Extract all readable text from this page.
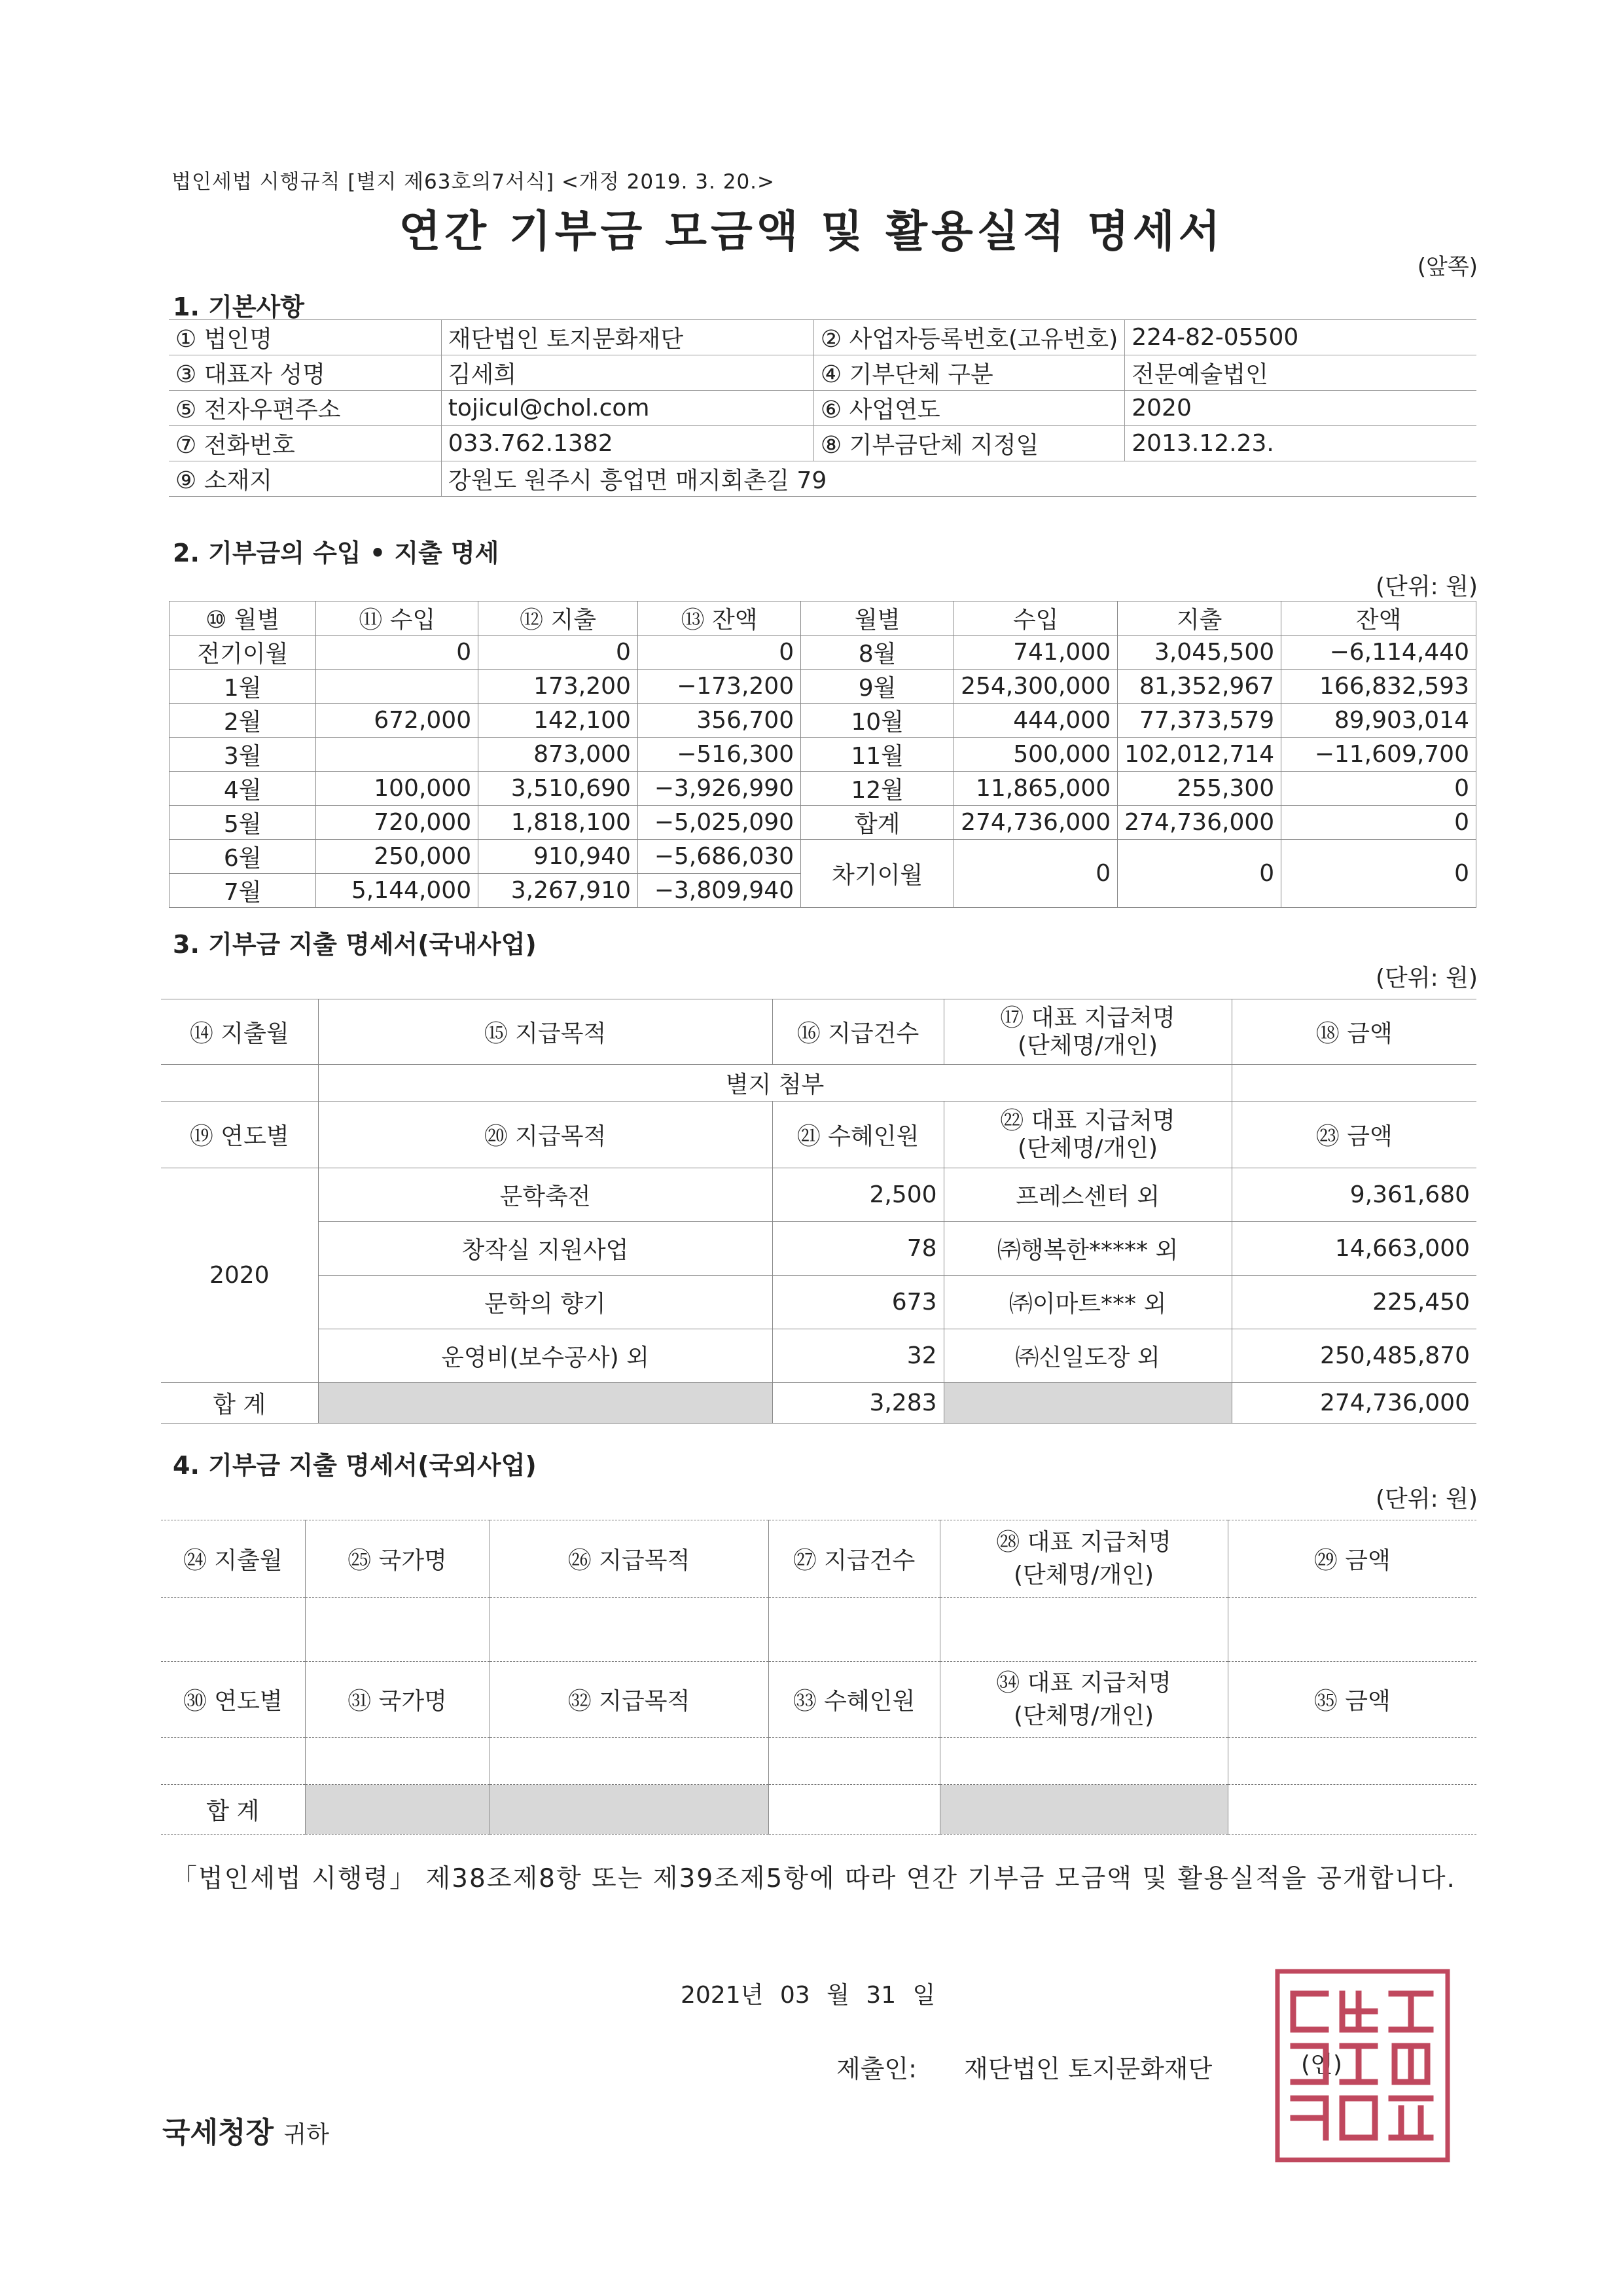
법인세법 시행규칙 [별지 제63호의7서식] <개정 2019. 3. 20.>
연간 기부금 모금액 및 활용실적 명세서
(앞쪽)
1. 기본사항
① 법인명	재단법인 토지문화재단	② 사업자등록번호(고유번호)	224-82-05500
③ 대표자 성명	김세희	④ 기부단체 구분	전문예술법인
⑤ 전자우편주소	tojicul@chol.com	⑥ 사업연도	2020
⑦ 전화번호	033.762.1382	⑧ 기부금단체 지정일	2013.12.23.
⑨ 소재지	강원도 원주시 흥업면 매지회촌길 79		
2. 기부금의 수입 • 지출 명세
(단위: 원)
⑩ 월별	⑪ 수입	⑫ 지출	⑬ 잔액	월별	수입	지출	잔액
전기이월	0	0	0	8월	741,000	3,045,500	−6,114,440
1월		173,200	−173,200	9월	254,300,000	81,352,967	166,832,593
2월	672,000	142,100	356,700	10월	444,000	77,373,579	89,903,014
3월		873,000	−516,300	11월	500,000	102,012,714	−11,609,700
4월	100,000	3,510,690	−3,926,990	12월	11,865,000	255,300	0
5월	720,000	1,818,100	−5,025,090	합계	274,736,000	274,736,000	0
6월	250,000	910,940	−5,686,030	차기이월	0	0	0
7월	5,144,000	3,267,910	−3,809,940				
3. 기부금 지출 명세서(국내사업)
(단위: 원)
⑭ 지출월	⑮ 지급목적	⑯ 지급건수	⑰ 대표 지급처명
(단체명/개인)	⑱ 금액
	별지 첨부			
⑲ 연도별	⑳ 지급목적	㉑ 수혜인원	㉒ 대표 지급처명
(단체명/개인)	㉓ 금액
2020	문학축전	2,500	프레스센터 외	9,361,680
	창작실 지원사업	78	㈜행복한***** 외	14,663,000
	문학의 향기	673	㈜이마트*** 외	225,450
	운영비(보수공사) 외	32	㈜신일도장 외	250,485,870
합 계		3,283		274,736,000
4. 기부금 지출 명세서(국외사업)
(단위: 원)
㉔ 지출월	㉕ 국가명	㉖ 지급목적	㉗ 지급건수	㉘ 대표 지급처명
(단체명/개인)	㉙ 금액

㉚ 연도별	㉛ 국가명	㉜ 지급목적	㉝ 수혜인원	㉞ 대표 지급처명
(단체명/개인)	㉟ 금액

합 계					
「법인세법 시행령」 제38조제8항 또는 제39조제5항에 따라 연간 기부금 모금액 및 활용실적을 공개합니다.
2021년 03 월 31 일
제출인: 재단법인 토지문화재단	(인)
국세청장 귀하
